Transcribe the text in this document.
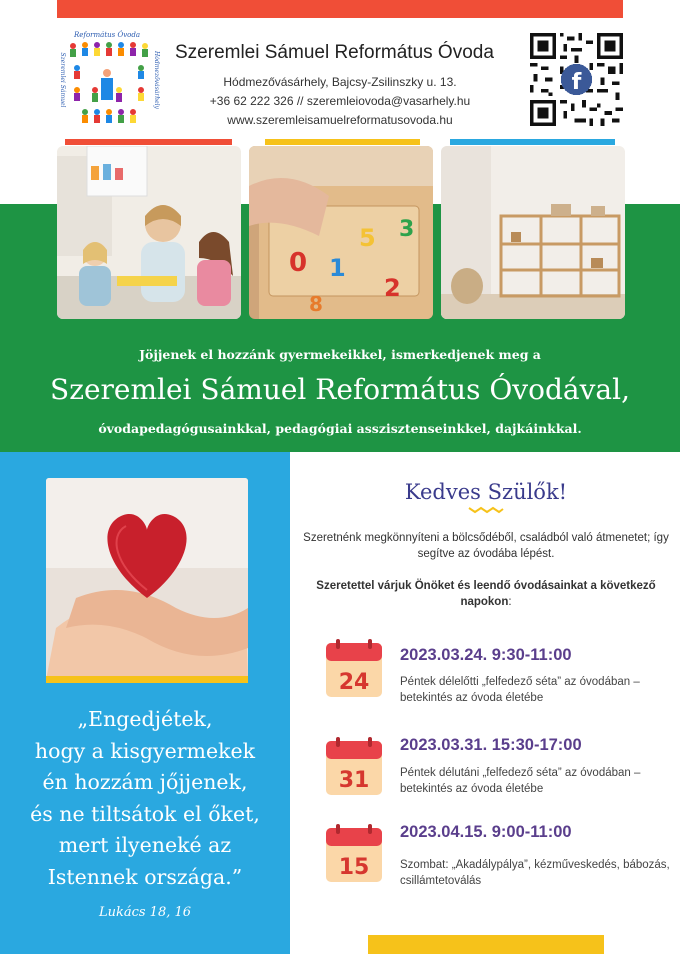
Református Óvoda
Szeremlei Sámuel	Hódmezővásárhely Szeremlei Sámuel Református Óvoda
Hódmezővásárhely, Bajcsy-Zsilinszky u. 13.
+36 62 222 326 // szeremleiovoda@vasarhely.hu
www.szeremleisamuelreformatusovoda.hu
f
0 1
5
2
3
8
Jöjjenek el hozzánk gyermekeikkel, ismerkedjenek meg a
Szeremlei Sámuel Református Óvodával,
óvodapedagógusainkkal, pedagógiai asszisztenseinkkel, dajkáinkkal.
„Engedjétek,
hogy a kisgyermekek
én hozzám jőjjenek,
és ne tiltsátok el őket,
mert ilyeneké az
Istennek országa.”
Lukács 18, 16
Kedves Szülők!
Szeretnénk megkönnyíteni a bölcsődéből, családból való átmenetet; így segítve az óvodába lépést.
Szeretettel várjuk Önöket és leendő óvodásainkat a következő napokon:
24
2023.03.24. 9:30-11:00
Péntek délelőtti „felfedező séta” az óvodában – betekintés az óvoda életébe
31
2023.03.31. 15:30-17:00
Péntek délutáni „felfedező séta” az óvodában – betekintés az óvoda életébe
15
2023.04.15. 9:00-11:00
Szombat: „Akadálypálya”, kézműveskedés, bábozás, csillámtetoválás
